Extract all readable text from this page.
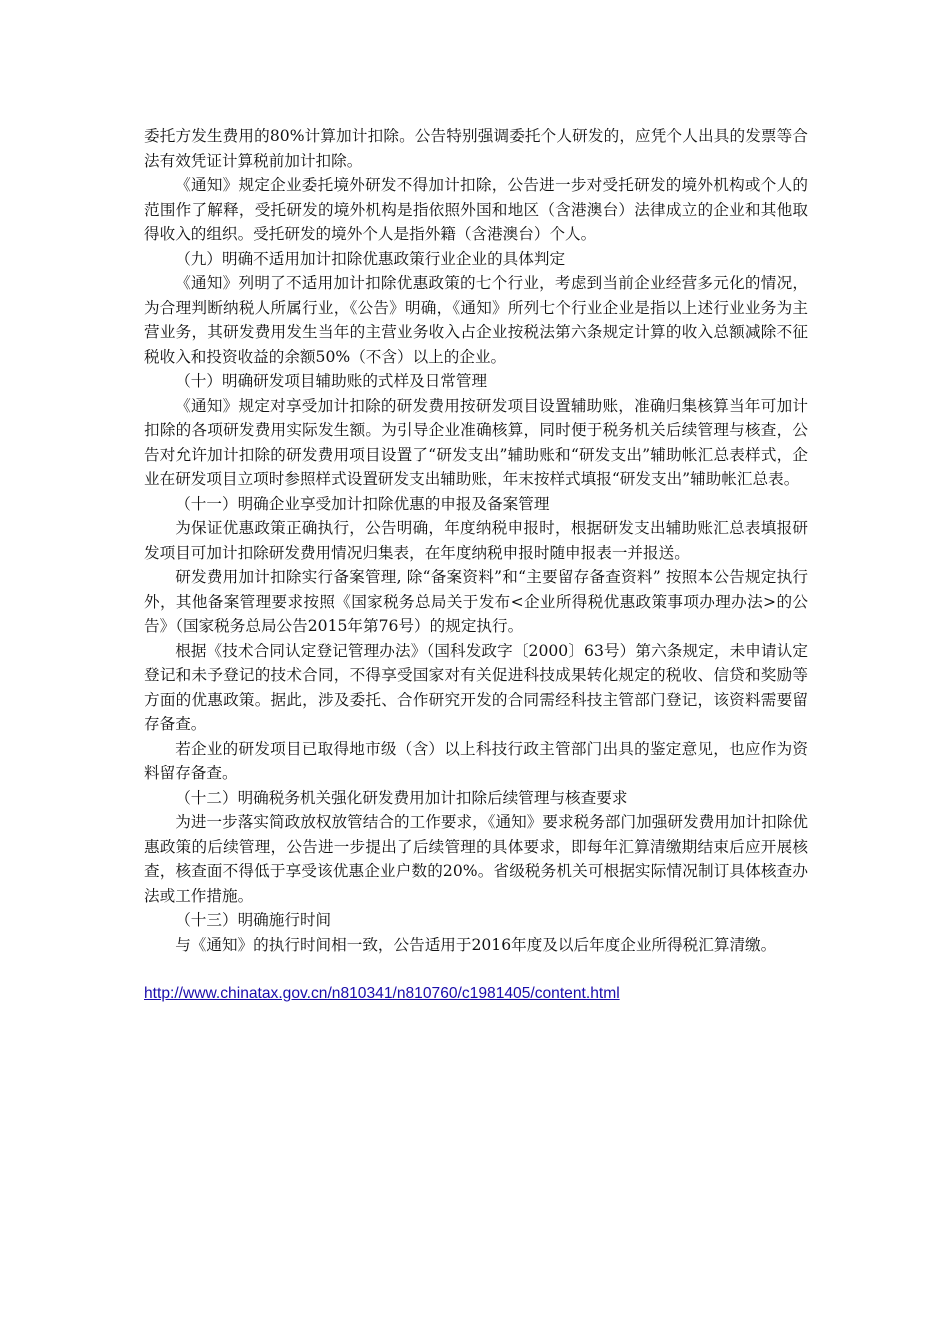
委托方发生费用的80%计算加计扣除。公告特别强调委托个人研发的，应凭个人出具的发票等合法有效凭证计算税前加计扣除。

《通知》规定企业委托境外研发不得加计扣除，公告进一步对受托研发的境外机构或个人的范围作了解释，受托研发的境外机构是指依照外国和地区（含港澳台）法律成立的企业和其他取得收入的组织。受托研发的境外个人是指外籍（含港澳台）个人。

（九）明确不适用加计扣除优惠政策行业企业的具体判定

《通知》列明了不适用加计扣除优惠政策的七个行业，考虑到当前企业经营多元化的情况，为合理判断纳税人所属行业，《公告》明确，《通知》所列七个行业企业是指以上述行业业务为主营业务，其研发费用发生当年的主营业务收入占企业按税法第六条规定计算的收入总额减除不征税收入和投资收益的余额50%（不含）以上的企业。

（十）明确研发项目辅助账的式样及日常管理

《通知》规定对享受加计扣除的研发费用按研发项目设置辅助账，准确归集核算当年可加计扣除的各项研发费用实际发生额。为引导企业准确核算，同时便于税务机关后续管理与核查，公告对允许加计扣除的研发费用项目设置了“研发支出”辅助账和“研发支出”辅助帐汇总表样式，企业在研发项目立项时参照样式设置研发支出辅助账，年末按样式填报“研发支出”辅助帐汇总表。

（十一）明确企业享受加计扣除优惠的申报及备案管理

为保证优惠政策正确执行，公告明确，年度纳税申报时，根据研发支出辅助账汇总表填报研发项目可加计扣除研发费用情况归集表，在年度纳税申报时随申报表一并报送。

研发费用加计扣除实行备案管理, 除“备案资料”和“主要留存备查资料” 按照本公告规定执行外，其他备案管理要求按照《国家税务总局关于发布<企业所得税优惠政策事项办理办法>的公告》（国家税务总局公告2015年第76号）的规定执行。

根据《技术合同认定登记管理办法》（国科发政字〔2000〕63号）第六条规定，未申请认定登记和未予登记的技术合同，不得享受国家对有关促进科技成果转化规定的税收、信贷和奖励等方面的优惠政策。据此，涉及委托、合作研究开发的合同需经科技主管部门登记，该资料需要留存备查。

若企业的研发项目已取得地市级（含）以上科技行政主管部门出具的鉴定意见，也应作为资料留存备查。

（十二）明确税务机关强化研发费用加计扣除后续管理与核查要求

为进一步落实简政放权放管结合的工作要求，《通知》要求税务部门加强研发费用加计扣除优惠政策的后续管理，公告进一步提出了后续管理的具体要求，即每年汇算清缴期结束后应开展核查，核查面不得低于享受该优惠企业户数的20%。省级税务机关可根据实际情况制订具体核查办法或工作措施。

（十三）明确施行时间

与《通知》的执行时间相一致，公告适用于2016年度及以后年度企业所得税汇算清缴。

http://www.chinatax.gov.cn/n810341/n810760/c1981405/content.html
